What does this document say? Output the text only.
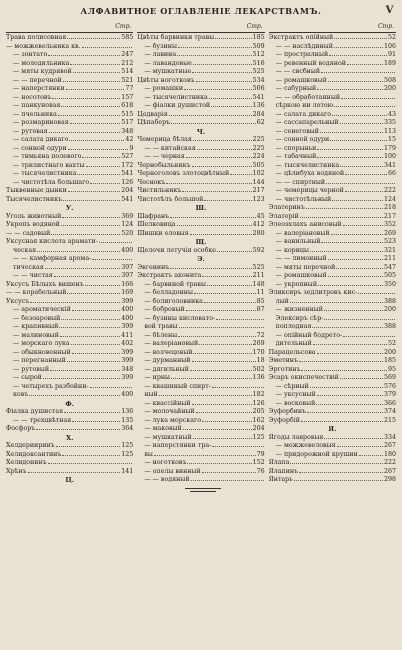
АЛФАВИТНОЕ ОГЛАВЛЕНІЕ ЛЕКАРСТВАМЪ.	V
Стр.
Трава полисовная	585
— можжевельника кв.
— зонтато	247
— молодильника	212
— мяты кудрявой	514
— — перечной	521
— наперстянки	77
— носотовъ	157
— панкуновая	618
— пчельника	515
— розмариновая	517
— рутовая	348
— салата дикаго	42
— сонной одури	9
— тимьяна полевого	527
— трилистнаго вахты	172
— тысячелистника	541
— чистотѣла большаго	126
Тыквенные дынки	204
Тысячелистникъ	541
У.
Уголь животный	369
Укропъ водяной	124
— — садовый	520
Уксусная кислота арамати-
ческая	400
— — камфорная арома-
тическая	397
— — чистая	397
Уксусъ Бѣлыхъ вишенъ	166
— — корабельный	169
Уксусъ	399
— ароматическій	400
— безоаровый	400
— крапивный	399
— малиновый	411
— морскаго лука	402
— обыкновенный	399
— перегнанный	399
— рутовый	348
— сырой	399
— четырехъ разбойни-
ковъ	400
Ф.
Фіалка душистая	136
— — трехцвѣтная	135
Фосфоръ	364
Х.
Хелдерииринъ	125
Хелидоксантинъ	125
Хелидонинъ
Хрѣнъ	141
Ц.
Стр.
Цвѣты барвинки травы	185
— бузины	509
— лавина	512
— лавандовые	516
— мушкатные	525
Цвѣты ноготковъ	534
— ромашки	506
— тысячелистника	541
— фіалки душистой	136
Цедварія	284
Цѣпаберъ	62
Ч.
Чемерица бѣлая	225
— — китайская	225
— — черная	224
Чернобыльникъ	505
Черноголовъ злотоцвѣтный	102
Чеснокъ	144
Чистильникъ	217
Чистотѣлъ большой	123
Ш.
Шафранъ	45
Шелковица	412
Шишки еловыя	280
Щ.
Щелочи летучія особке	592
Э.
Эвгенинъ	525
Экстрактъ аконита	211
— барвиной травы	148
— белладонны	11
— болиголовника	85
— бобровый	87
— бузины кисловато-
вой травы
— бѣлены	72
— валеріановый	269
— волчецовый	170
— дурманный	18
— дягильный	502
— ирны	136
— квашиный спирт-
ный	182
— квассійный	126
— молочайный	205
— лука морскаго	162
— маковый	204
— мушкатный	125
— наперстянки тра-
вы	79
— ноготковъ	152
— опелы винный	76
— — водяный
Стр.
Экстрактъ опійный	52
— — наслѣдиный	106
— простралный	91
— ревенный водяной	189
— — свсбный
— ромашковый	508
— сабурный	200
— — обработанный
сѣркою ии лотою
— салата дикаго	43
— сассапарельный	335
— сенеговый	113
— сонной одури	15
— спорыньи	179
— табачный	100
— тысячелистника	341
— цѣлибуха водяной	66
— — спиртный
— чемерицы черной	222
— чистотѣльный	124
Элатеринъ	218
Элатерій	217
Элеоэхлахъ анисовый	352
— валеріановый	269
— ванильный	523
— корицы	321
— — лимонный	211
— мяты перечной	547
— ромашковый	505
— укропный	350
Эликсиръ зедлитровъ кис-
лый	388
— жизненный	200
Элексиръ сѣр-
поплодная	388
— опійный бодрето-
дительный	52
Парацельсова	200
Эметинъ	185
Эрготинъ	95
Эсаръ окиспечествій	569
— сѣрный	576
— уксусный	379
— восковый	366
Эуфорбинъ	374
Эуфорбій	215
Я.
Ягоды лавровыя	334
— можжевеловыя	267
— придорожной крушин	180
Ялапа	222
Ялапинъ	267
Янтарь	298
